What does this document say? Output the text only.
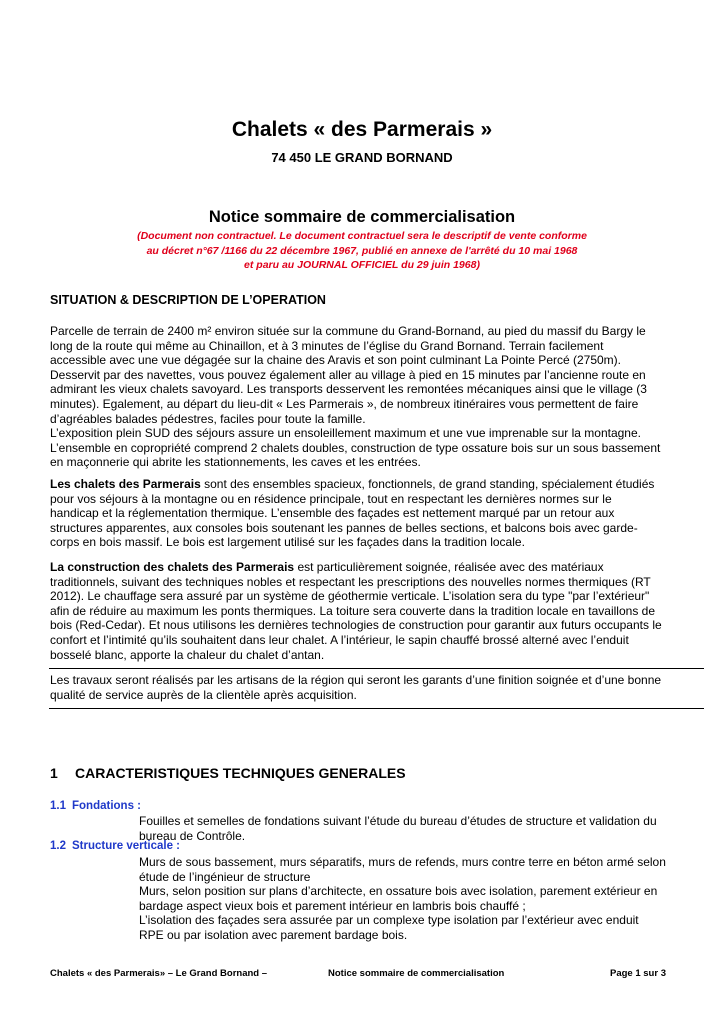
Chalets « des Parmerais »
74 450 LE GRAND BORNAND
Notice sommaire de commercialisation
(Document non contractuel. Le document contractuel sera le descriptif de vente conforme
au décret n°67 /1166 du 22 décembre 1967, publié en annexe de l'arrêté du 10 mai 1968
et paru au JOURNAL OFFICIEL du 29 juin 1968)
SITUATION & DESCRIPTION DE L’OPERATION
Parcelle de terrain de 2400 m² environ située sur la commune du Grand-Bornand, au pied du massif du Bargy le
long de la route qui même au Chinaillon, et à 3 minutes de l’église du Grand Bornand. Terrain facilement
accessible avec une vue dégagée sur la chaine des Aravis et son point culminant La Pointe Percé (2750m).
Desservit par des navettes, vous pouvez également aller au village à pied en 15 minutes par l’ancienne route en
admirant les vieux chalets savoyard. Les transports desservent les remontées mécaniques ainsi que le village (3
minutes). Egalement, au départ du lieu-dit « Les Parmerais », de nombreux itinéraires vous permettent de faire
d’agréables balades pédestres, faciles pour toute la famille.
L’exposition plein SUD des séjours assure un ensoleillement maximum et une vue imprenable sur la montagne.
L’ensemble en copropriété comprend 2 chalets doubles, construction de type ossature bois sur un sous bassement
en maçonnerie qui abrite les stationnements, les caves et les entrées.
Les chalets des Parmerais sont des ensembles spacieux, fonctionnels, de grand standing, spécialement étudiés
pour vos séjours à la montagne ou en résidence principale, tout en respectant les dernières normes sur le
handicap et la réglementation thermique. L’ensemble des façades est nettement marqué par un retour aux
structures apparentes, aux consoles bois soutenant les pannes de belles sections, et balcons bois avec garde-
corps en bois massif. Le bois est largement utilisé sur les façades dans la tradition locale.
La construction des chalets des Parmerais est particulièrement soignée, réalisée avec des matériaux
traditionnels, suivant des techniques nobles et respectant les prescriptions des nouvelles normes thermiques (RT
2012). Le chauffage sera assuré par un système de géothermie verticale. L’isolation sera du type "par l’extérieur"
afin de réduire au maximum les ponts thermiques. La toiture sera couverte dans la tradition locale en tavaillons de
bois (Red-Cedar). Et nous utilisons les dernières technologies de construction pour garantir aux futurs occupants le
confort et l’intimité qu’ils souhaitent dans leur chalet. A l’intérieur, le sapin chauffé brossé alterné avec l’enduit
bosselé blanc, apporte la chaleur du chalet d’antan.
Les travaux seront réalisés par les artisans de la région qui seront les garants d’une finition soignée et d’une bonne
qualité de service auprès de la clientèle après acquisition.
1 CARACTERISTIQUES TECHNIQUES GENERALES
1.1 Fondations :
Fouilles et semelles de fondations suivant l’étude du bureau d’études de structure et validation du
bureau de Contrôle.
1.2 Structure verticale :
Murs de sous bassement, murs séparatifs, murs de refends, murs contre terre en béton armé selon
étude de l’ingénieur de structure
Murs, selon position sur plans d’architecte, en ossature bois avec isolation, parement extérieur en
bardage aspect vieux bois et parement intérieur en lambris bois chauffé ;
L’isolation des façades sera assurée par un complexe type isolation par l’extérieur avec enduit
RPE ou par isolation avec parement bardage bois.
Chalets « des Parmerais» – Le Grand Bornand –	Notice sommaire de commercialisation	Page 1 sur 3
